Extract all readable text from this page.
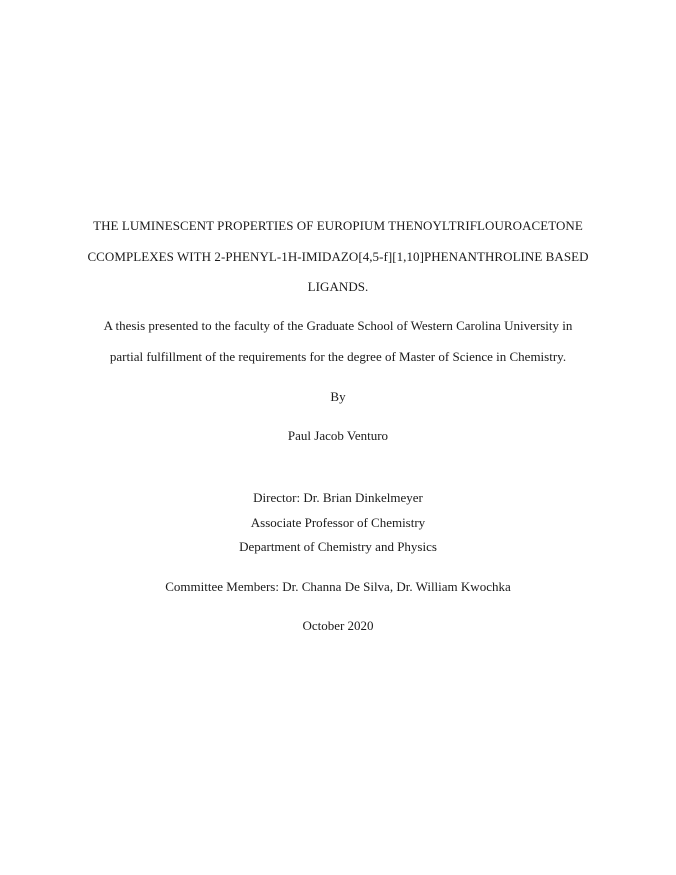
THE LUMINESCENT PROPERTIES OF EUROPIUM THENOYLTRIFLOUROACETONE
CCOMPLEXES WITH 2-PHENYL-1H-IMIDAZO[4,5-f][1,10]PHENANTHROLINE BASED
LIGANDS.
A thesis presented to the faculty of the Graduate School of Western Carolina University in
partial fulfillment of the requirements for the degree of Master of Science in Chemistry.
By
Paul Jacob Venturo
Director: Dr. Brian Dinkelmeyer
Associate Professor of Chemistry
Department of Chemistry and Physics
Committee Members: Dr. Channa De Silva, Dr. William Kwochka
October 2020
